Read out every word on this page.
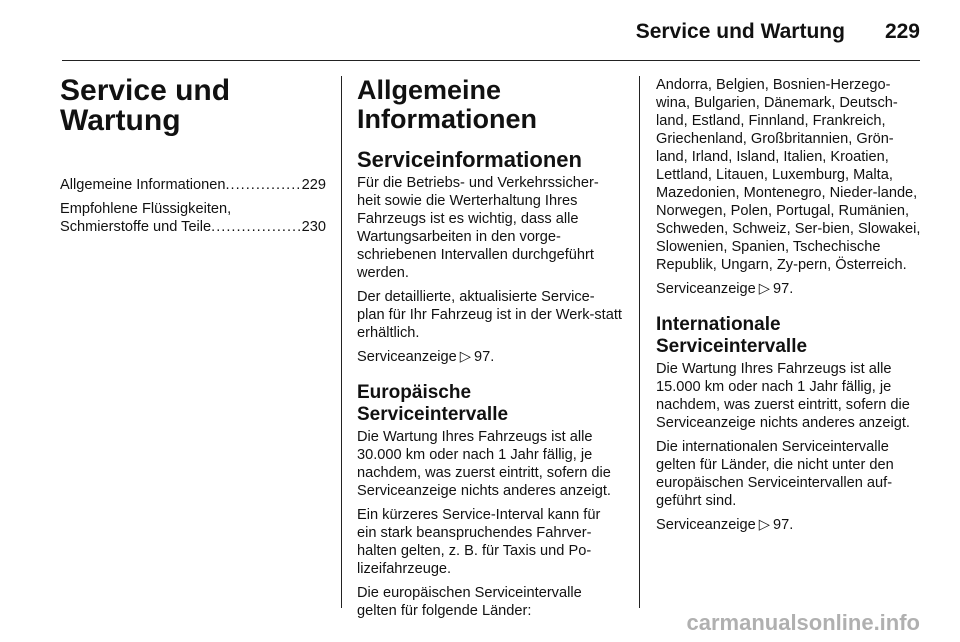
Service und Wartung 229
Service und Wartung
Allgemeine Informationen .....	229
Empfohlene Flüssigkeiten,
Schmierstoffe und Teile .....	230
Allgemeine
Informationen
Serviceinformationen

Für die Betriebs- und Verkehrssicher-heit sowie die Werterhaltung Ihres Fahrzeugs ist es wichtig, dass alle Wartungsarbeiten in den vorge-schriebenen Intervallen durchgeführt werden.

Der detaillierte, aktualisierte Service-plan für Ihr Fahrzeug ist in der Werk-statt erhältlich.

Serviceanzeige ▷ 97.

Europäische Serviceintervalle

Die Wartung Ihres Fahrzeugs ist alle 30.000 km oder nach 1 Jahr fällig, je nachdem, was zuerst eintritt, sofern die Serviceanzeige nichts anderes anzeigt.

Ein kürzeres Service-Interval kann für ein stark beanspruchendes Fahrver-halten gelten, z. B. für Taxis und Po-lizeifahrzeuge.

Die europäischen Serviceintervalle gelten für folgende Länder:

Andorra, Belgien, Bosnien-Herzego-wina, Bulgarien, Dänemark, Deutsch-land, Estland, Finnland, Frankreich, Griechenland, Großbritannien, Grön-land, Irland, Island, Italien, Kroatien, Lettland, Litauen, Luxemburg, Malta, Mazedonien, Montenegro, Nieder-lande, Norwegen, Polen, Portugal, Rumänien, Schweden, Schweiz, Ser-bien, Slowakei, Slowenien, Spanien, Tschechische Republik, Ungarn, Zy-pern, Österreich.

Serviceanzeige ▷ 97.

Internationale Serviceintervalle

Die Wartung Ihres Fahrzeugs ist alle 15.000 km oder nach 1 Jahr fällig, je nachdem, was zuerst eintritt, sofern die Serviceanzeige nichts anderes anzeigt.

Die internationalen Serviceintervalle gelten für Länder, die nicht unter den europäischen Serviceintervallen auf-geführt sind.

Serviceanzeige ▷ 97.

carmanualsonline.info
